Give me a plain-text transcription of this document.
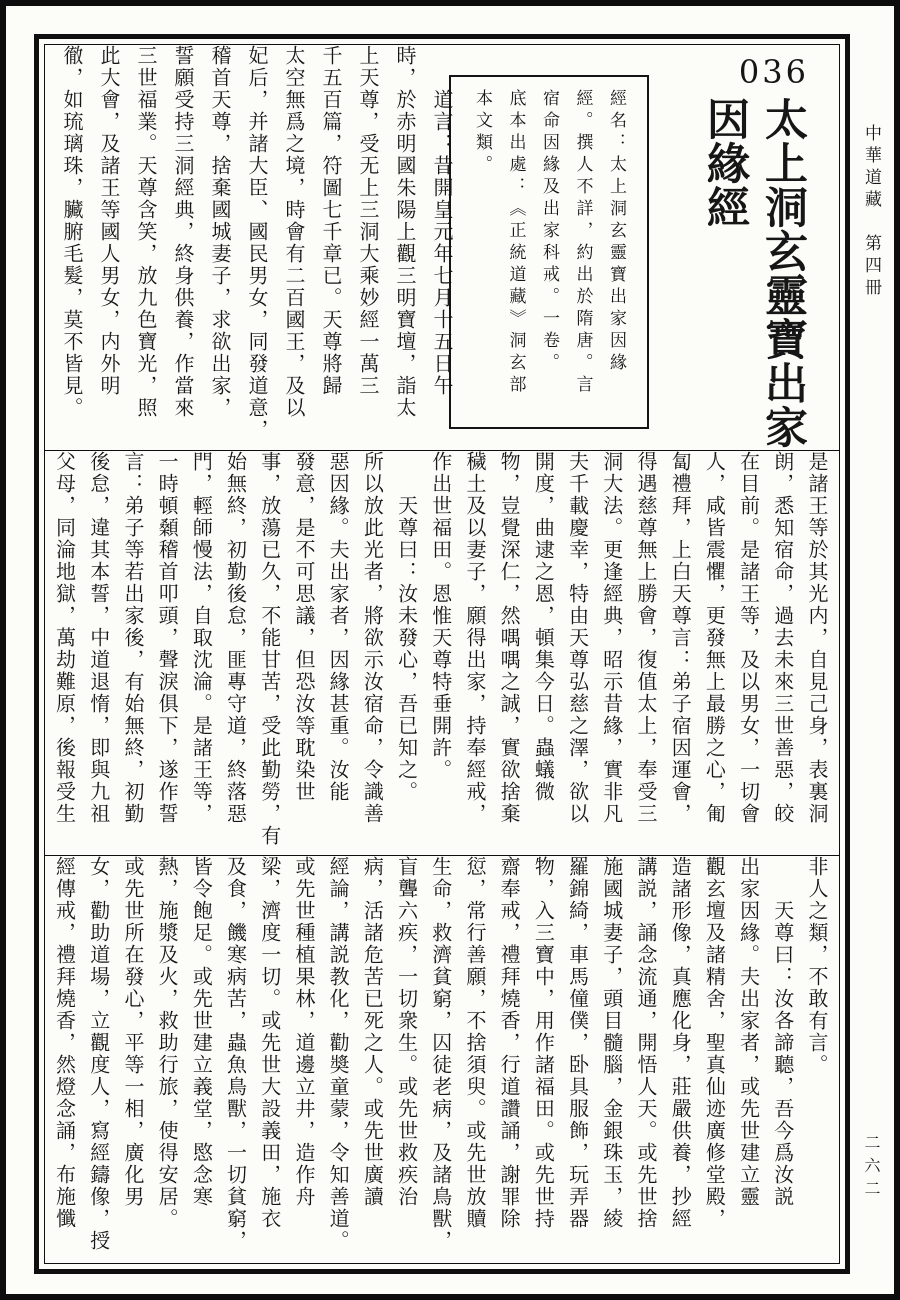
中華道藏　第四冊
二六二
　　道言：昔開皇元年七月十五日午
時，於赤明國朱陽上觀三明寶壇，詣太
上天尊，受无上三洞大乘妙經一萬三
千五百篇，符圖七千章已。天尊將歸
太空無爲之境，時會有二百國王，及以
妃后，并諸大臣、國民男女，同發道意，
稽首天尊，捨棄國城妻子，求欲出家，
誓願受持三洞經典，終身供養，作當來
三世福業。天尊含笑，放九色寶光，照
此大會，及諸王等國人男女，内外明
徹，如琉璃珠，臟腑毛髮，莫不皆見。	經名：太上洞玄靈寶出家因緣
經。撰人不詳，約出於隋唐。言
宿命因緣及出家科戒。一卷。
底本出處：《正統道藏》洞玄部
本文類。
036
太上洞玄靈寶出家
因緣經
是諸王等於其光内，自見己身，表裏洞
朗，悉知宿命，過去未來三世善惡，皎
在目前。是諸王等，及以男女，一切會
人，咸皆震懼，更發無上最勝之心，匍
匐禮拜，上白天尊言：弟子宿因運會，
得遇慈尊無上勝會，復值太上，奉受三
洞大法。更逢經典，昭示昔緣，實非凡
夫千載慶幸，特由天尊弘慈之澤，欲以
開度，曲逮之恩，頓集今日。蟲蟻微
物，豈覺深仁，然喁喁之誠，實欲捨棄
穢土及以妻子，願得出家，持奉經戒，
作出世福田。恩惟天尊特垂開許。
　　天尊曰：汝未發心，吾已知之。
所以放此光者，將欲示汝宿命，令識善
惡因緣。夫出家者，因緣甚重。汝能
發意，是不可思議，但恐汝等耽染世
事，放蕩已久，不能甘苦，受此勤勞，有
始無終，初勤後怠，匪專守道，終落惡
門，輕師慢法，自取沈淪。是諸王等，
一時頓顙稽首叩頭，聲淚俱下，遂作誓
言：弟子等若出家後，有始無終，初勤
後怠，違其本誓，中道退惰，即與九祖
父母，同淪地獄，萬劫難原，後報受生
非人之類，不敢有言。
　　天尊曰：汝各諦聽，吾今爲汝説
出家因緣。夫出家者，或先世建立靈
觀玄壇及諸精舍，聖真仙迹廣修堂殿，
造諸形像，真應化身，莊嚴供養，抄經
講説，誦念流通，開悟人天。或先世捨
施國城妻子，頭目髓腦，金銀珠玉，綾
羅錦綺，車馬僮僕，卧具服飾，玩弄器
物，入三寶中，用作諸福田。或先世持
齋奉戒，禮拜燒香，行道讚誦，謝罪除
愆，常行善願，不捨須臾。或先世放贖
生命，救濟貧窮，囚徒老病，及諸鳥獸，
盲聾六疾，一切衆生。或先世救疾治
病，活諸危苦已死之人。或先世廣讀
經論，講説教化，勸奬童蒙，令知善道。
或先世種植果林，道邊立井，造作舟
梁，濟度一切。或先世大設義田，施衣
及食，饑寒病苦，蟲魚鳥獸，一切貧窮，
皆令飽足。或先世建立義堂，愍念寒
熱，施漿及火，救助行旅，使得安居。
或先世所在發心，平等一相，廣化男
女，勸助道場，立觀度人，寫經鑄像，授
經傳戒，禮拜燒香，然燈念誦，布施懺
